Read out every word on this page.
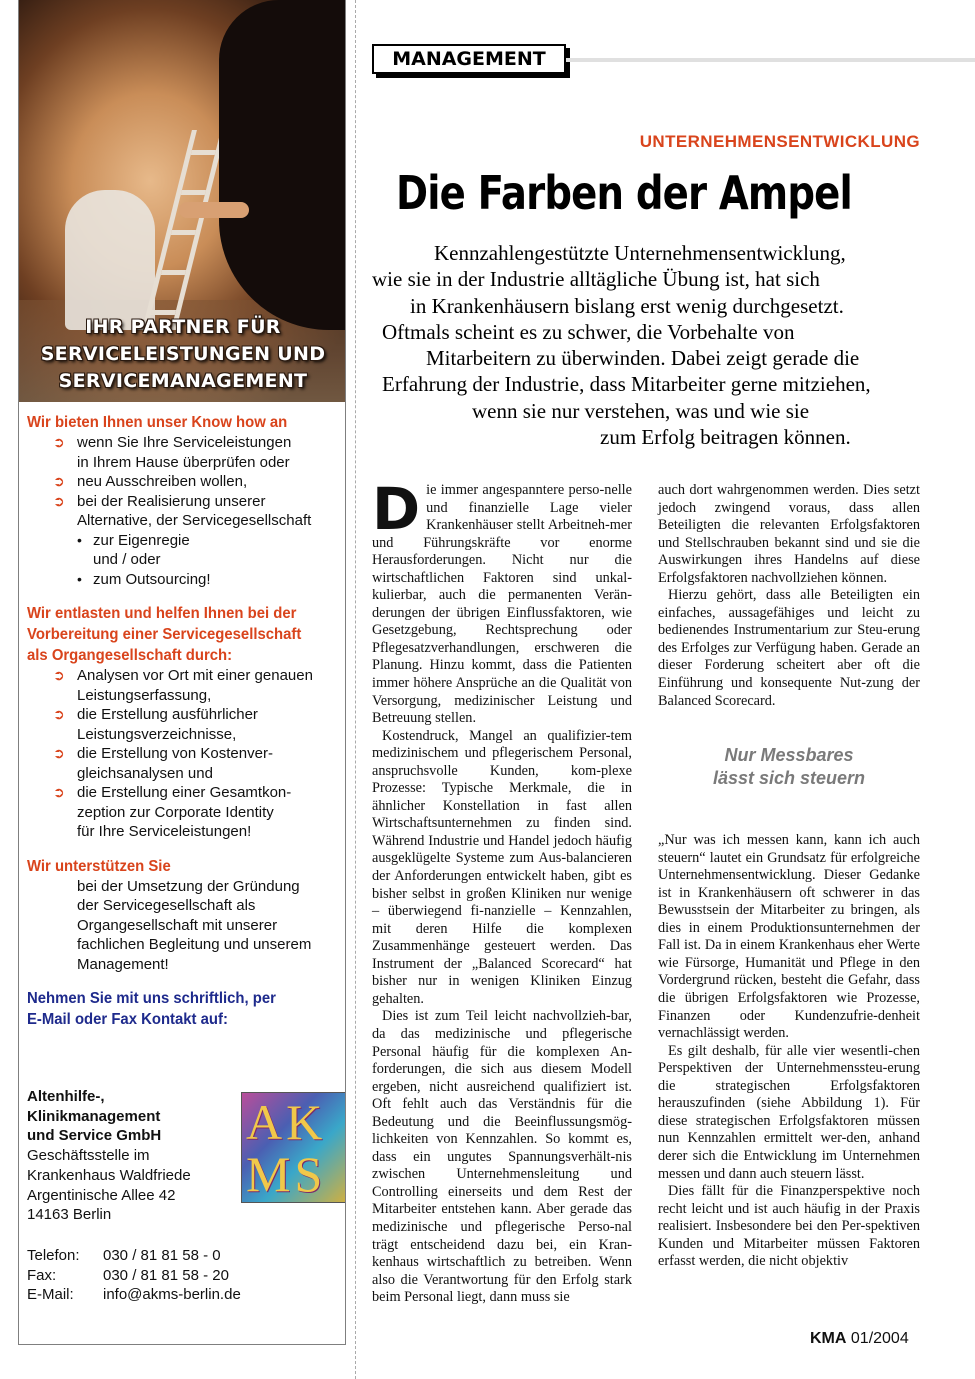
IHR PARTNER FÜR
SERVICELEISTUNGEN UND
SERVICEMANAGEMENT
Wir bieten Ihnen unser Know how an
➲ wenn Sie Ihre Serviceleistungen
in Ihrem Hause überprüfen oder
➲ neu Ausschreiben wollen,
➲ bei der Realisierung unserer
Alternative, der Servicegesellschaft
• zur Eigenregie
und / oder
• zum Outsourcing!
Wir entlasten und helfen Ihnen bei der
Vorbereitung einer Servicegesellschaft
als Organgesellschaft durch:
➲ Analysen vor Ort mit einer genauen
Leistungserfassung,
➲ die Erstellung ausführlicher
Leistungsverzeichnisse,
➲ die Erstellung von Kostenver-
gleichsanalysen und
➲ die Erstellung einer Gesamtkon-
zeption zur Corporate Identity
für Ihre Serviceleistungen!
Wir unterstützen Sie
bei der Umsetzung der Gründung
der Servicegesellschaft als
Organgesellschaft mit unserer
fachlichen Begleitung und unserem
Management!
Nehmen Sie mit uns schriftlich, per
E-Mail oder Fax Kontakt auf:
Altenhilfe-,
Klinikmanagement
und Service GmbH
Geschäftsstelle im
Krankenhaus Waldfriede
Argentinische Allee 42
14163 Berlin
AK
MS
Telefon:	030 / 81 81 58 - 0
Fax:	030 / 81 81 58 - 20
E-Mail:	info@akms-berlin.de
MANAGEMENT
UNTERNEHMENSENTWICKLUNG
Die Farben der Ampel
Kennzahlengestützte Unternehmensentwicklung,
wie sie in der Industrie alltägliche Übung ist, hat sich
in Krankenhäusern bislang erst wenig durchgesetzt.
Oftmals scheint es zu schwer, die Vorbehalte von
Mitarbeitern zu überwinden. Dabei zeigt gerade die
Erfahrung der Industrie, dass Mitarbeiter gerne mitziehen,
wenn sie nur verstehen, was und wie sie
zum Erfolg beitragen können.

Die immer angespanntere perso-nelle und finanzielle Lage vieler Krankenhäuser stellt Arbeitneh-mer und Führungskräfte vor enorme Herausforderungen. Nicht nur die wirtschaftlichen Faktoren sind unkal-kulierbar, auch die permanenten Verän-derungen der übrigen Einflussfaktoren, wie Gesetzgebung, Rechtsprechung oder Pflegesatzverhandlungen, erschweren die Planung. Hinzu kommt, dass die Patienten immer höhere Ansprüche an die Qualität von Versorgung, medizinischer Leistung und Betreuung stellen.

Kostendruck, Mangel an qualifizier-tem medizinischem und pflegerischem Personal, anspruchsvolle Kunden, kom-plexe Prozesse: Typische Merkmale, die in ähnlicher Konstellation in fast allen Wirtschaftsunternehmen zu finden sind. Während Industrie und Handel jedoch häufig ausgeklügelte Systeme zum Aus-balancieren der Anforderungen entwickelt haben, gibt es bisher selbst in großen Kliniken nur wenige – überwiegend fi-nanzielle – Kennzahlen, mit deren Hilfe die komplexen Zusammenhänge gesteuert werden. Das Instrument der „Balanced Scorecard“ hat bisher nur in wenigen Kliniken Einzug gehalten.

Dies ist zum Teil leicht nachvollzieh-bar, da das medizinische und pflegerische Personal häufig für die komplexen An-forderungen, die sich aus diesem Modell ergeben, nicht ausreichend qualifiziert ist. Oft fehlt auch das Verständnis für die Bedeutung und die Beeinflussungsmög-lichkeiten von Kennzahlen. So kommt es, dass ein ungutes Spannungsverhält-nis zwischen Unternehmensleitung und Controlling einerseits und dem Rest der Mitarbeiter entstehen kann. Aber gerade das medizinische und pflegerische Perso-nal trägt entscheidend dazu bei, ein Kran-kenhaus wirtschaftlich zu betreiben. Wenn also die Verantwortung für den Erfolg stark beim Personal liegt, dann muss sie

auch dort wahrgenommen werden. Dies setzt jedoch zwingend voraus, dass allen Beteiligten die relevanten Erfolgsfaktoren und Stellschrauben bekannt sind und sie die Auswirkungen ihres Handelns auf diese Erfolgsfaktoren nachvollziehen können.

Hierzu gehört, dass alle Beteiligten ein einfaches, aussagefähiges und leicht zu bedienendes Instrumentarium zur Steu-erung des Erfolges zur Verfügung haben. Gerade an dieser Forderung scheitert aber oft die Einführung und konsequente Nut-zung der Balanced Scorecard.

Nur Messbares
lässt sich steuern

„Nur was ich messen kann, kann ich auch steuern“ lautet ein Grundsatz für erfolgreiche Unternehmensentwicklung. Dieser Gedanke ist in Krankenhäusern oft schwerer in das Bewusstsein der Mitarbeiter zu bringen, als dies in einem Produktionsunternehmen der Fall ist. Da in einem Krankenhaus eher Werte wie Fürsorge, Humanität und Pflege in den Vordergrund rücken, besteht die Gefahr, dass die übrigen Erfolgsfaktoren wie Prozesse, Finanzen oder Kundenzufrie-denheit vernachlässigt werden.

Es gilt deshalb, für alle vier wesentli-chen Perspektiven der Unternehmenssteu-erung die strategischen Erfolgsfaktoren herauszufinden (siehe Abbildung 1). Für diese strategischen Erfolgsfaktoren müssen nun Kennzahlen ermittelt wer-den, anhand derer sich die Entwicklung im Unternehmen messen und dann auch steuern lässt.

Dies fällt für die Finanzperspektive noch recht leicht und ist auch häufig in der Praxis realisiert. Insbesondere bei den Per-spektiven Kunden und Mitarbeiter müssen Faktoren erfasst werden, die nicht objektiv

KMA 01/2004
